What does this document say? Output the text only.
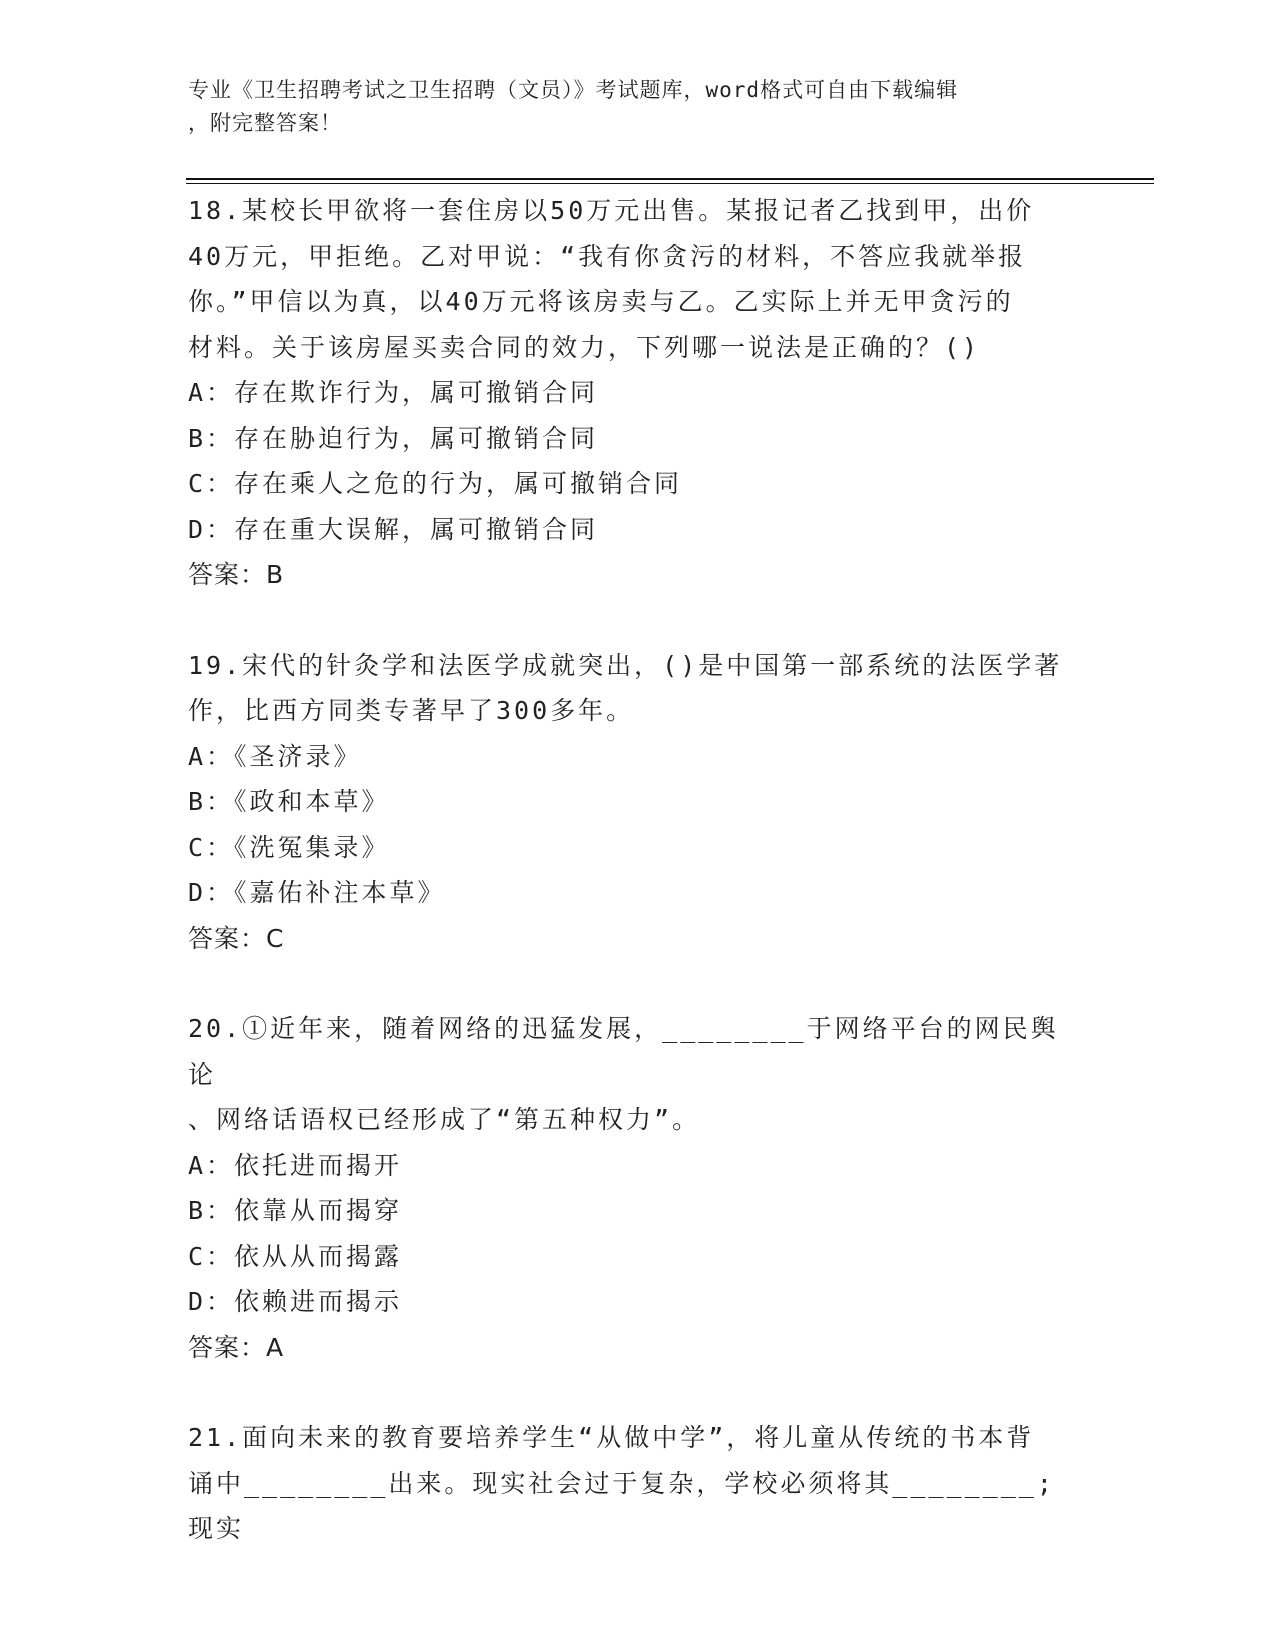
专业《卫生招聘考试之卫生招聘（文员）》考试题库，word格式可自由下载编辑
，附完整答案！

18.某校长甲欲将一套住房以50万元出售。某报记者乙找到甲，出价

40万元，甲拒绝。乙对甲说：“我有你贪污的材料，不答应我就举报

你。”甲信以为真，以40万元将该房卖与乙。乙实际上并无甲贪污的

材料。关于该房屋买卖合同的效力，下列哪一说法是正确的？()

A：存在欺诈行为，属可撤销合同

B：存在胁迫行为，属可撤销合同

C：存在乘人之危的行为，属可撤销合同

D：存在重大误解，属可撤销合同

答案：B

19.宋代的针灸学和法医学成就突出，()是中国第一部系统的法医学著

作，比西方同类专著早了300多年。

A：《圣济录》

B：《政和本草》

C：《洗冤集录》

D：《嘉佑补注本草》

答案：C

20.①近年来，随着网络的迅猛发展，________于网络平台的网民舆论

、网络话语权已经形成了“第五种权力”。

A：依托进而揭开

B：依靠从而揭穿

C：依从从而揭露

D：依赖进而揭示

答案：A

21.面向未来的教育要培养学生“从做中学”，将儿童从传统的书本背

诵中________出来。现实社会过于复杂，学校必须将其________;现实
